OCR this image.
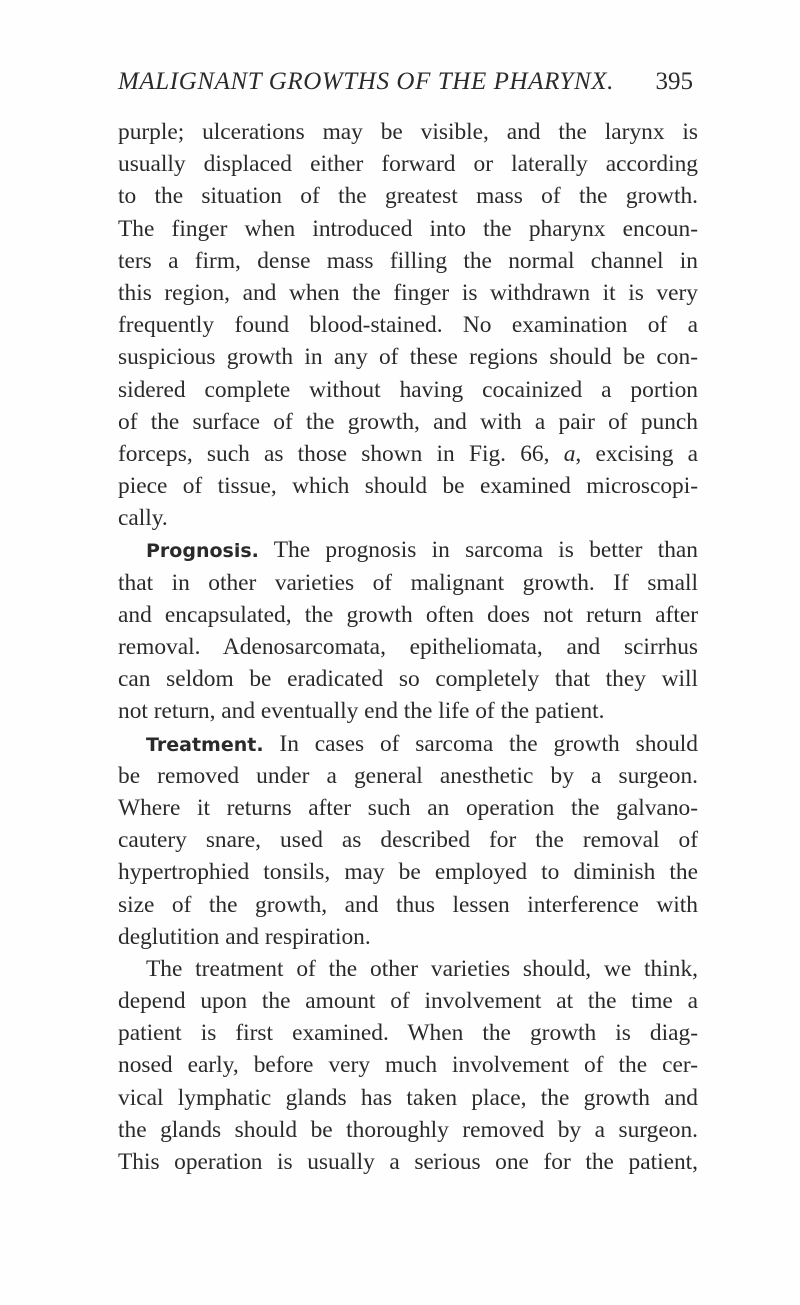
MALIGNANT GROWTHS OF THE PHARYNX. 395
purple; ulcerations may be visible, and the larynx is
usually displaced either forward or laterally according
to the situation of the greatest mass of the growth.
The finger when introduced into the pharynx encoun-
ters a firm, dense mass filling the normal channel in
this region, and when the finger is withdrawn it is very
frequently found blood-stained. No examination of a
suspicious growth in any of these regions should be con-
sidered complete without having cocainized a portion
of the surface of the growth, and with a pair of punch
forceps, such as those shown in Fig. 66, a, excising a
piece of tissue, which should be examined microscopi-
cally.
Prognosis. The prognosis in sarcoma is better than
that in other varieties of malignant growth. If small
and encapsulated, the growth often does not return after
removal. Adenosarcomata, epitheliomata, and scirrhus
can seldom be eradicated so completely that they will
not return, and eventually end the life of the patient.
Treatment. In cases of sarcoma the growth should
be removed under a general anesthetic by a surgeon.
Where it returns after such an operation the galvano-
cautery snare, used as described for the removal of
hypertrophied tonsils, may be employed to diminish the
size of the growth, and thus lessen interference with
deglutition and respiration.
The treatment of the other varieties should, we think,
depend upon the amount of involvement at the time a
patient is first examined. When the growth is diag-
nosed early, before very much involvement of the cer-
vical lymphatic glands has taken place, the growth and
the glands should be thoroughly removed by a surgeon.
This operation is usually a serious one for the patient,
